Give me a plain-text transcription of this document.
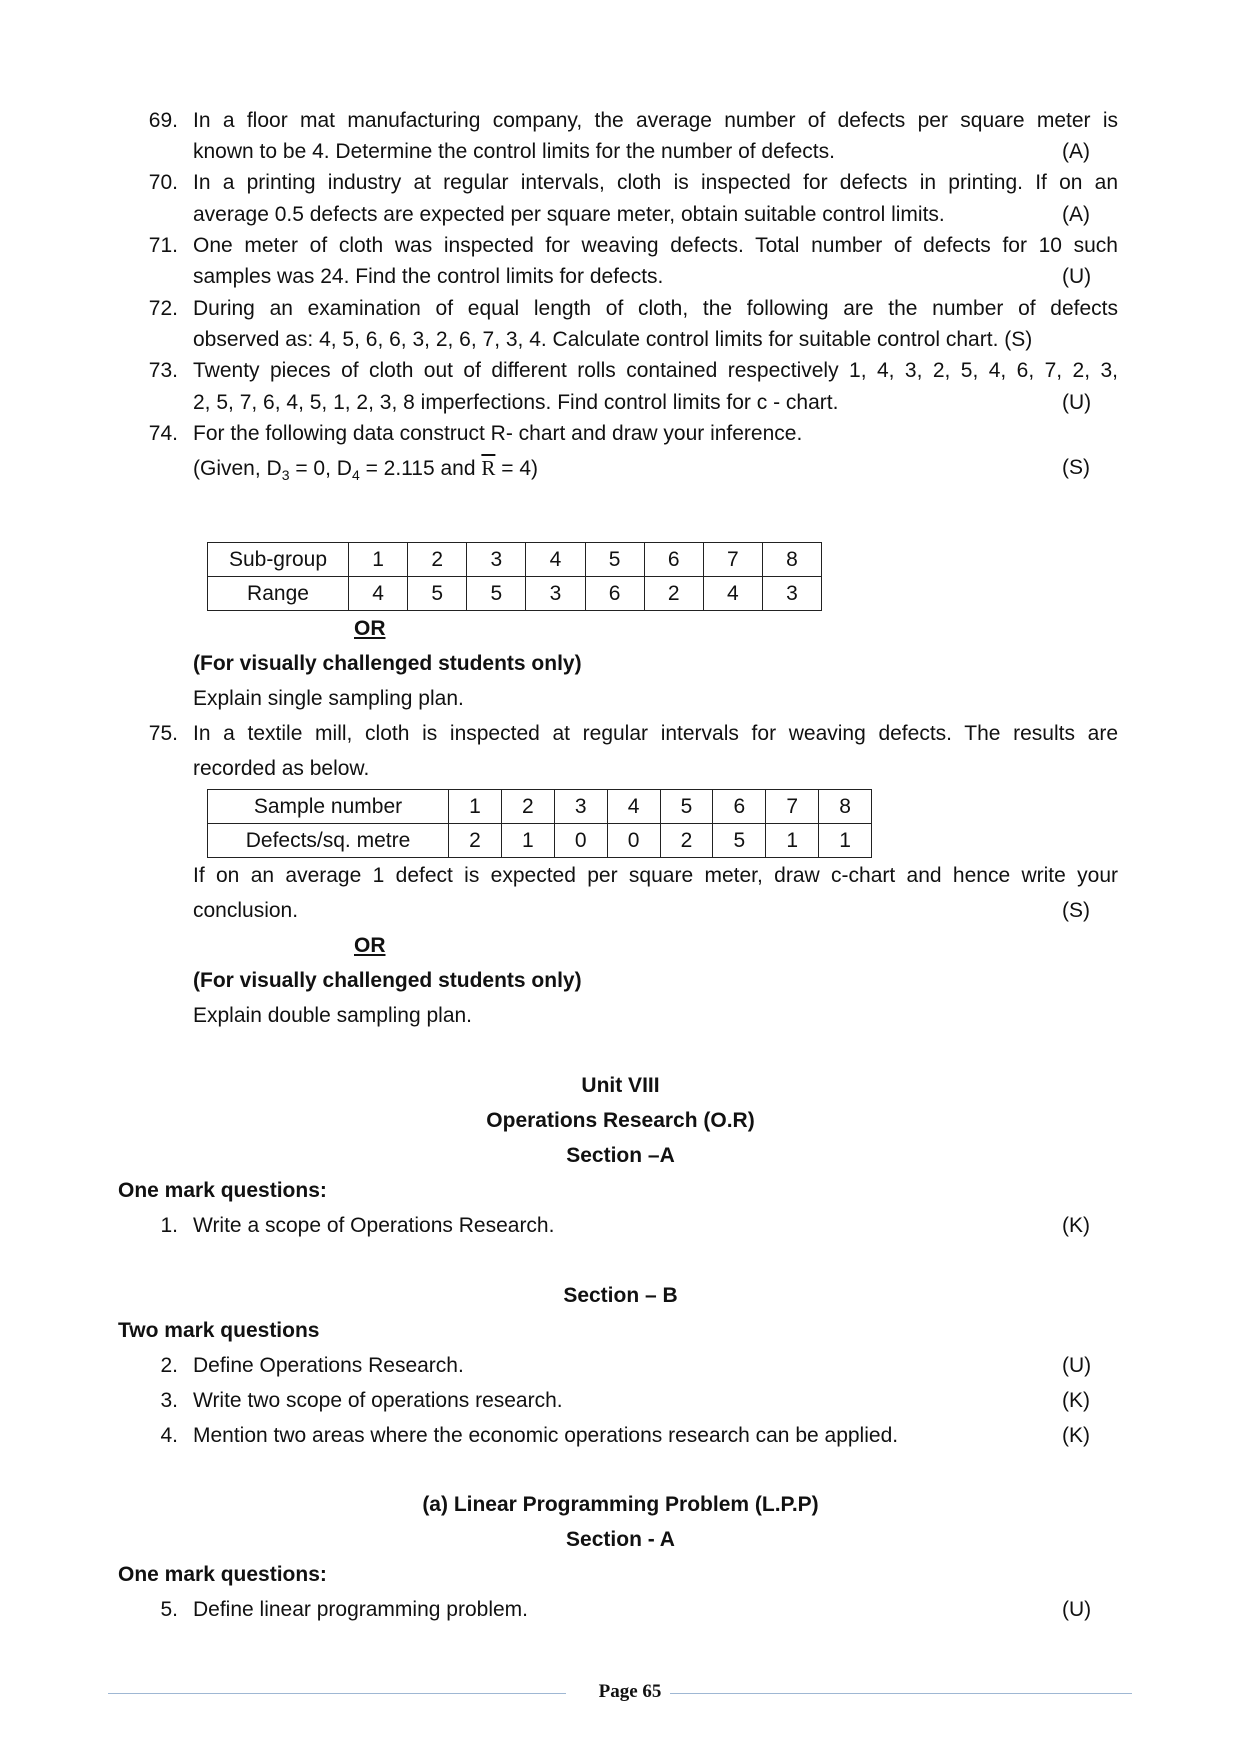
69. In a floor mat manufacturing company, the average number of defects per square meter is
known to be 4. Determine the control limits for the number of defects.	(A)
70. In a printing industry at regular intervals, cloth is inspected for defects in printing. If on an
average 0.5 defects are expected per square meter, obtain suitable control limits.	(A)
71. One meter of cloth was inspected for weaving defects. Total number of defects for 10 such
samples was 24. Find the control limits for defects.	(U)
72. During an examination of equal length of cloth, the following are the number of defects
observed as: 4, 5, 6, 6, 3, 2, 6, 7, 3, 4. Calculate control limits for suitable control chart. (S)
73. Twenty pieces of cloth out of different rolls contained respectively 1, 4, 3, 2, 5, 4, 6, 7, 2, 3,
2, 5, 7, 6, 4, 5, 1, 2, 3, 8 imperfections. Find control limits for c - chart.	(U)
74. For the following data construct R- chart and draw your inference.
(Given, $D_3 = 0$, $D_4 = 2.115$ and $\overline{R} = 4$)	(S)
Sub-group	1	2	3	4	5	6	7	8
Range	4	5	5	3	6	2	4	3
OR
(For visually challenged students only)
Explain single sampling plan.
75. In a textile mill, cloth is inspected at regular intervals for weaving defects. The results are
recorded as below.
Sample number	1	2	3	4	5	6	7	8
Defects/sq. metre	2	1	0	0	2	5	1	1
If on an average 1 defect is expected per square meter, draw c-chart and hence write your
conclusion.	(S)
OR
(For visually challenged students only)
Explain double sampling plan.
Unit VIII
Operations Research (O.R)
Section –A
One mark questions:
1. Write a scope of Operations Research.	(K)
Section – B
Two mark questions
2. Define Operations Research.	(U)
3. Write two scope of operations research.	(K)
4. Mention two areas where the economic operations research can be applied.	(K)
(a) Linear Programming Problem (L.P.P)
Section - A
One mark questions:
5. Define linear programming problem.	(U)
Page 65
